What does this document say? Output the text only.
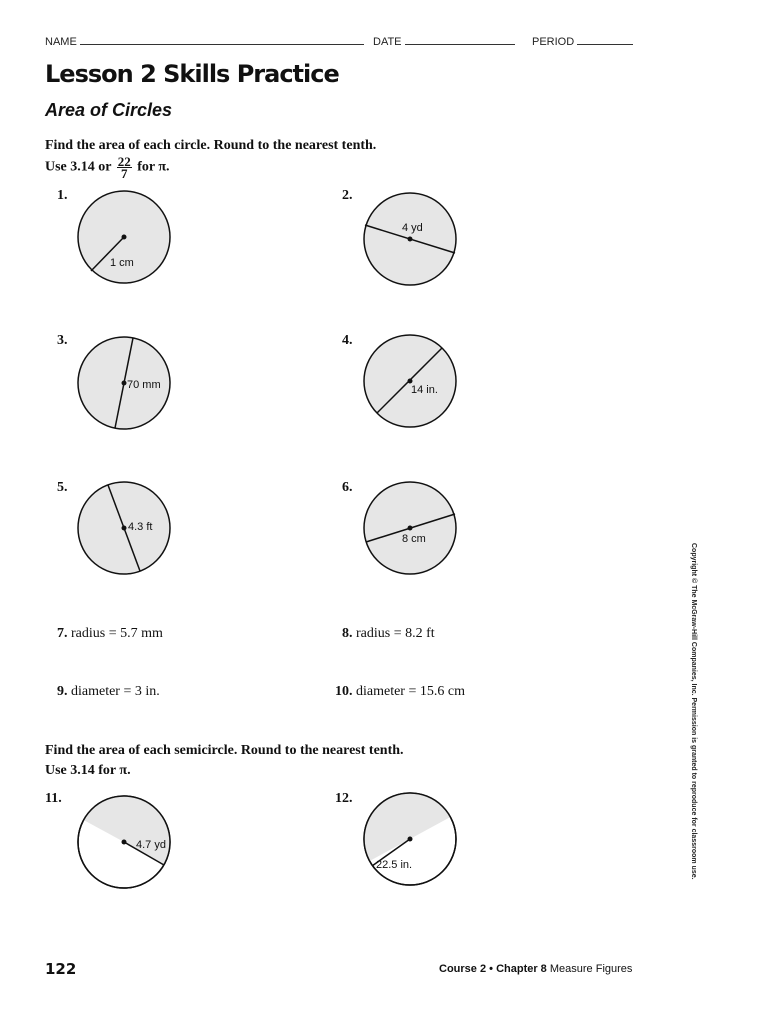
NAME	DATE	PERIOD
Lesson 2 Skills Practice
Area of Circles
Find the area of each circle. Round to the nearest tenth.
Use 3.14 or $\frac{22}{7}$ for π.
1.	2.
3.	4.
5.	6.
1 cm
4 yd
70 mm	14 in.
4.3 ft
8 cm
4.7 yd
22.5 in.
7. radius = 5.7 mm	8. radius = 8.2 ft
9. diameter = 3 in.	10. diameter = 15.6 cm
Find the area of each semicircle. Round to the nearest tenth.
Use 3.14 for π.
11.	12.	Copyright © The McGraw-Hill Companies, Inc. Permission is granted to reproduce for classroom use.
122	Course 2 • Chapter 8 Measure Figures
